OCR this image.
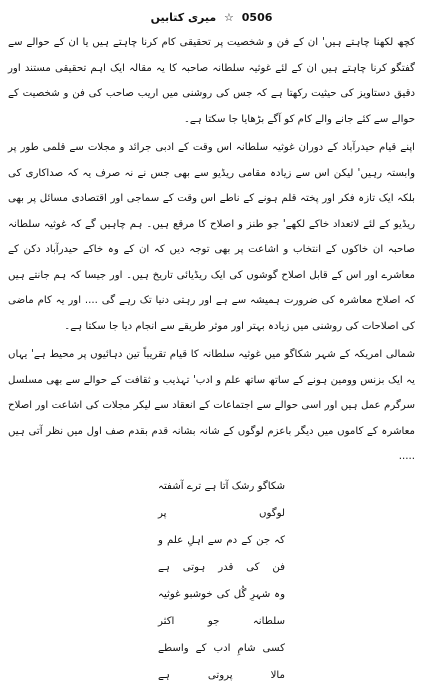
0506 ☆ میری کتابیں

کچھ لکھنا چاہتے ہیں' ان کے فن و شخصیت پر تحقیقی کام کرنا چاہتے ہیں یا ان کے حوالے سے گفتگو کرنا چاہتے ہیں ان کے لئے غوثیہ سلطانہ صاحبہ کا یہ مقالہ ایک اہم تحقیقی مستند اور دقیق دستاویز کی حیثیت رکھتا ہے کہ جس کی روشنی میں اریب صاحب کی فن و شخصیت کے حوالے سے کئے جانے والے کام کو آگے بڑھایا جا سکتا ہے۔

اپنے قیام حیدرآباد کے دوران غوثیہ سلطانہ اس وقت کے ادبی جرائد و مجلات سے قلمی طور پر وابستہ رہیں' لیکن اس سے زیادہ مقامی ریڈیو سے بھی جس نے نہ صرف یہ کہ صداکاری کی بلکہ ایک تازہ فکر اور پختہ قلم ہونے کے ناطے اس وقت کے سماجی اور اقتصادی مسائل پر بھی ریڈیو کے لئے لاتعداد خاکے لکھے' جو طنز و اصلاح کا مرقع ہیں۔ ہم چاہیں گے کہ غوثیہ سلطانہ صاحبہ ان خاکوں کے انتخاب و اشاعت پر بھی توجہ دیں کہ ان کے وہ خاکے حیدرآباد دکن کے معاشرے اور اس کے قابل اصلاح گوشوں کی ایک ریڈیائی تاریخ ہیں۔ اور جیسا کہ ہم جانتے ہیں کہ اصلاح معاشرہ کی ضرورت ہمیشہ سے ہے اور رہتی دنیا تک رہے گی .... اور یہ کام ماضی کی اصلاحات کی روشنی میں زیادہ بہتر اور موثر طریقے سے انجام دیا جا سکتا ہے۔

شمالی امریکہ کے شہر شکاگو میں غوثیہ سلطانہ کا قیام تقریباً تین دہائیوں پر محیط ہے' یہاں یہ ایک بزنس وومین ہونے کے ساتھ ساتھ علم و ادب' تہذیب و ثقافت کے حوالے سے بھی مسلسل سرگرم عمل ہیں اور اسی حوالے سے اجتماعات کے انعقاد سے لیکر مجلات کی اشاعت اور اصلاح معاشرہ کے کاموں میں دیگر باعزم لوگوں کے شانہ بشانہ قدم بقدم صف اول میں نظر آتی ہیں .....

شکاگو رشک آتا ہے ترے آشفتہ لوگوں پر
کہ جن کے دم سے اہلِ علم و فن کی قدر ہوتی ہے
وہ شہرِ گُل کی خوشبو غوثیہ سلطانہ جو اکثر
کسی شامِ ادب کے واسطے مالا پروتی ہے
